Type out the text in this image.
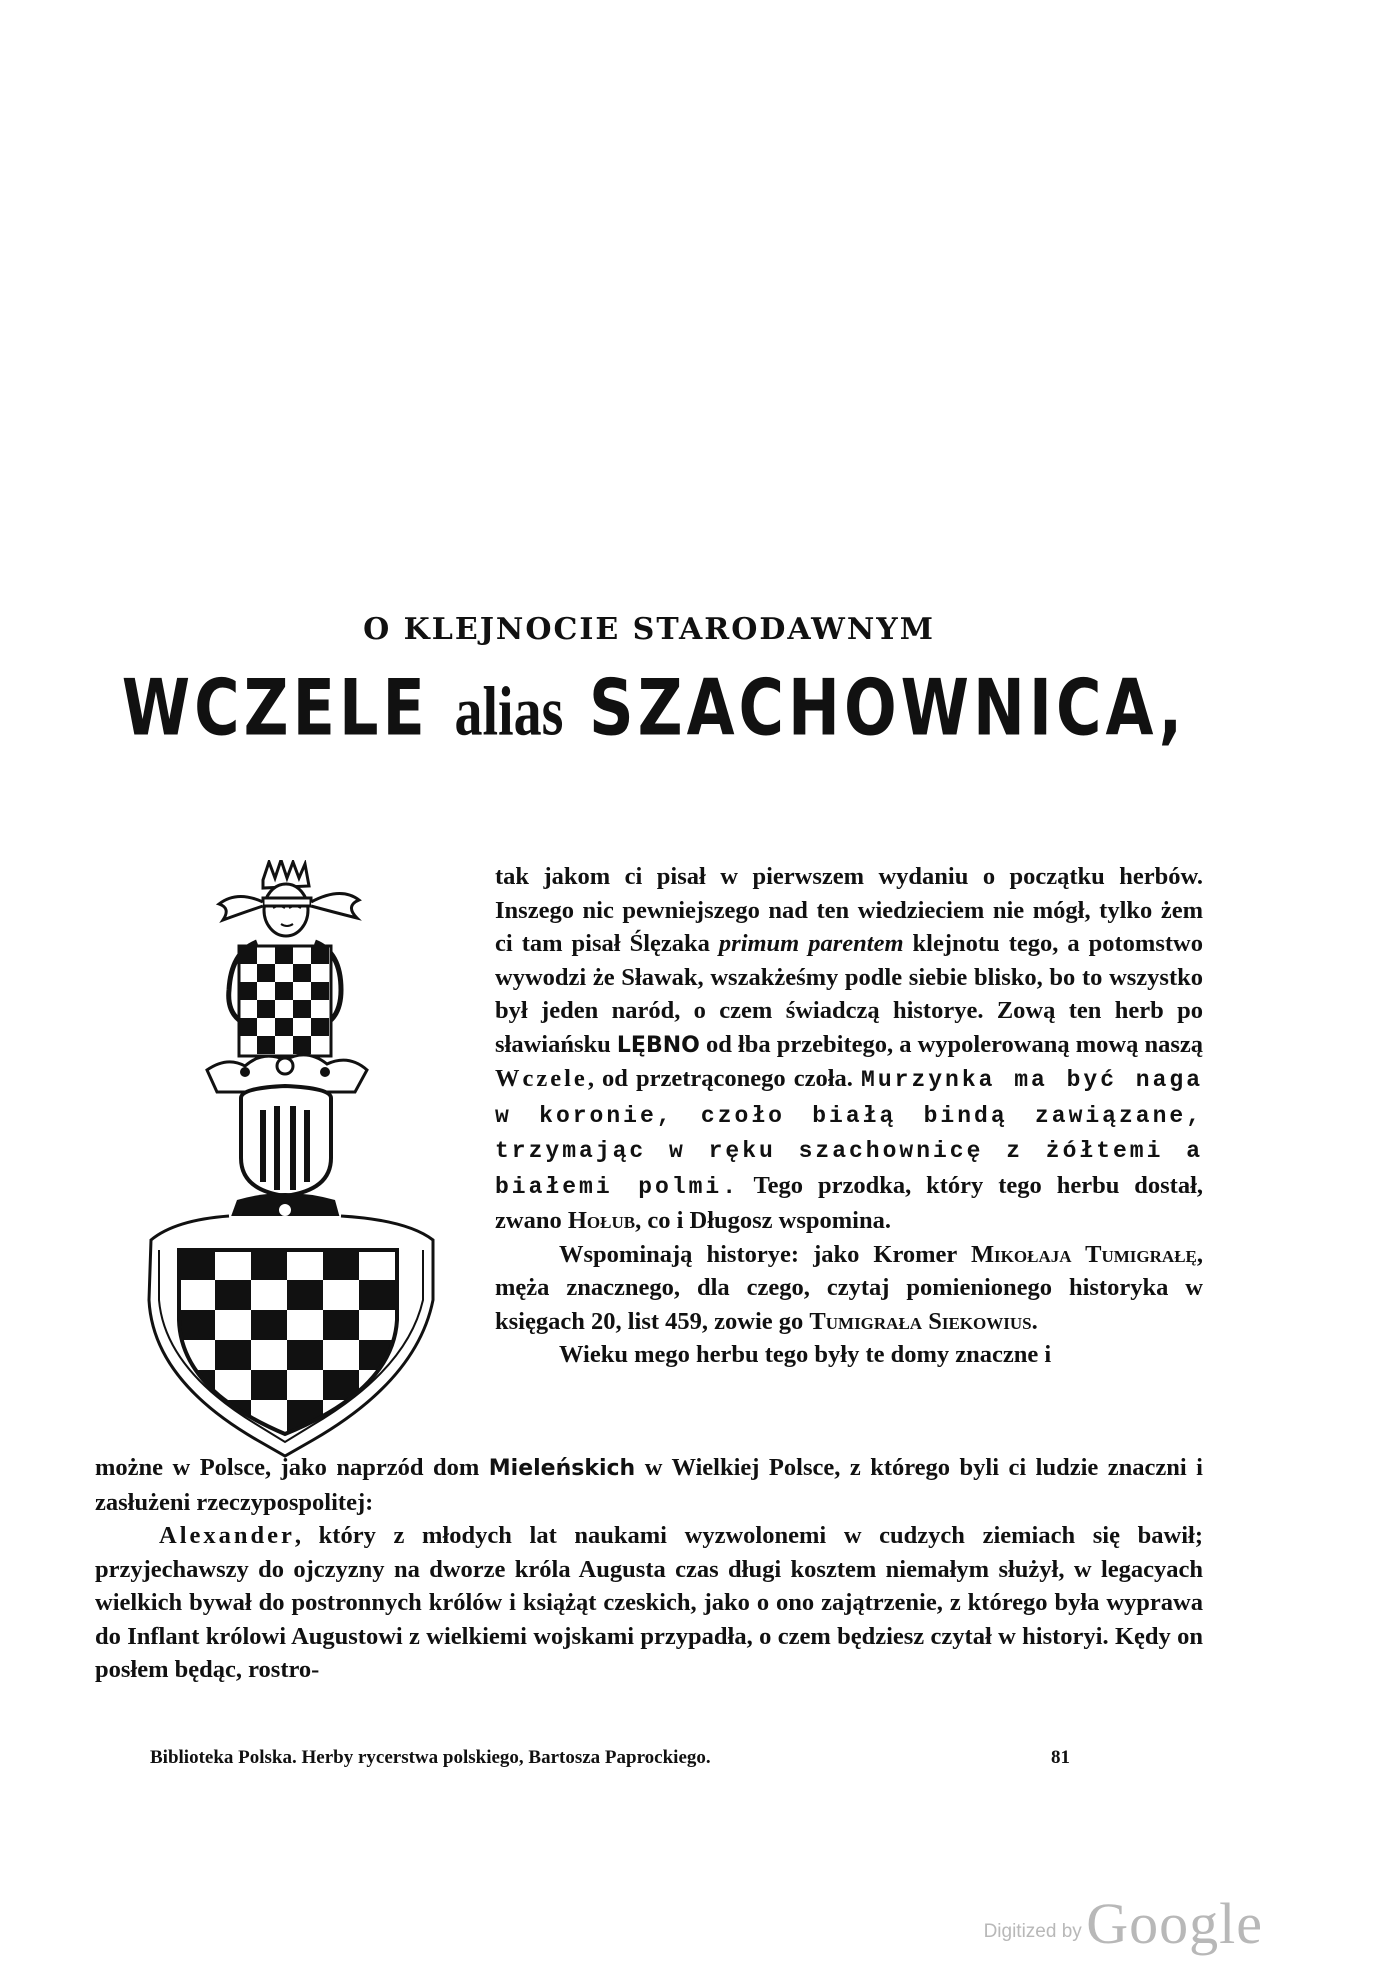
O KLEJNOCIE STARODAWNYM
WCZELE alias SZACHOWNICA,

tak jakom ci pisał w pierwszem wydaniu o początku herbów. Inszego nic pewniejszego nad ten wiedzieciem nie mógł, tylko żem ci tam pisał Ślęzaka primum parentem klejnotu tego, a potomstwo wywodzi że Sławak, wszakżeśmy podle siebie blisko, bo to wszystko był jeden naród, o czem świadczą historye. Zową ten herb po sławiańsku LĘBNO od łba przebitego, a wypolerowaną mową naszą Wczele, od przetrąconego czoła. Murzynka ma być naga w koronie, czoło białą bindą zawiązane, trzymając w ręku szachownicę z żółtemi a białemi polmi. Tego przodka, który tego herbu dostał, zwano Hołub, co i Długosz wspomina.

Wspominają historye: jako Kromer Mikołaja Tumigrałę, męża znacznego, dla czego, czytaj pomienionego historyka w księgach 20, list 459, zowie go Tumigrała Siekowius.

Wieku mego herbu tego były te domy znaczne i

możne w Polsce, jako naprzód dom Mieleńskich w Wielkiej Polsce, z którego byli ci ludzie znaczni i zasłużeni rzeczypospolitej:

Alexander, który z młodych lat naukami wyzwolonemi w cudzych ziemiach się bawił; przyjechawszy do ojczyzny na dworze króla Augusta czas długi kosztem niemałym służył, w legacyach wielkich bywał do postronnych królów i książąt czeskich, jako o ono zajątrzenie, z którego była wyprawa do Inflant królowi Augustowi z wielkiemi wojskami przypadła, o czem będziesz czytał w historyi. Kędy on posłem będąc, rostro-

Biblioteka Polska. Herby rycerstwa polskiego, Bartosza Paprockiego.	81
Digitized by Google
